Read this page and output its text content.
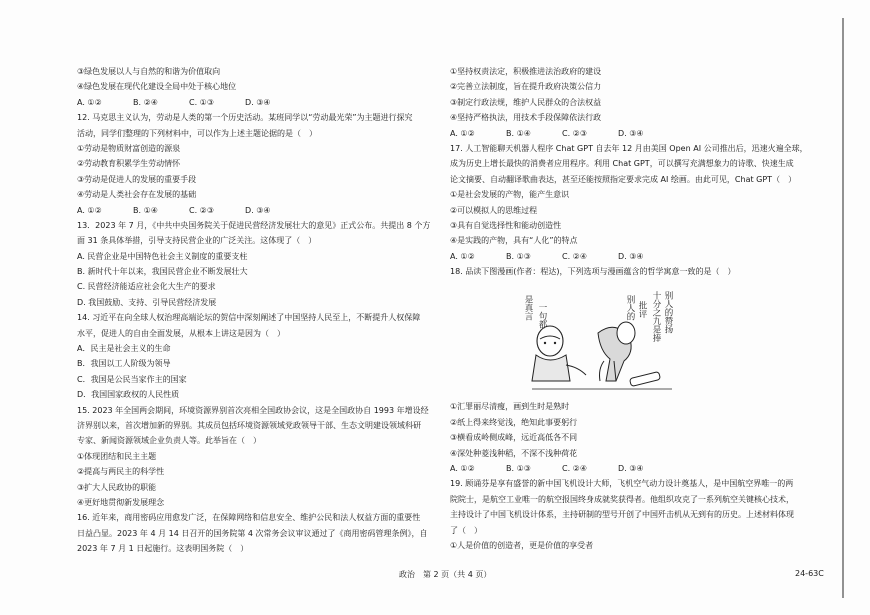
③绿色发展以人与自然的和谐为价值取向
④绿色发展在现代化建设全局中处于核心地位
A. ①②	B. ②④	C. ①③	D. ③④
12. 马克思主义认为，劳动是人类的第一个历史活动。某班同学以“劳动最光荣”为主题进行探究
活动，同学们整理的下列材料中，可以作为上述主题论据的是（　）
①劳动是物质财富创造的源泉
②劳动教育积累学生劳动情怀
③劳动是促进人的发展的重要手段
④劳动是人类社会存在发展的基础
A. ①②	B. ①④	C. ②③	D. ③④
13．2023 年 7 月，《中共中央国务院关于促进民营经济发展壮大的意见》正式公布。共提出 8 个方
面 31 条具体举措，引导支持民营企业的广泛关注。这体现了（　）
A. 民营企业是中国特色社会主义制度的重要支柱
B. 新时代十年以来，我国民营企业不断发展壮大
C. 民营经济能适应社会化大生产的要求
D. 我国鼓励、支持、引导民营经济发展
14. 习近平在向全球人权治理高端论坛的贺信中深刻阐述了中国坚持人民至上，不断提升人权保障
水平，促进人的自由全面发展，从根本上讲这是因为（　）
A．民主是社会主义的生命
B．我国以工人阶级为领导
C．我国是公民当家作主的国家
D．我国国家政权的人民性质
15. 2023 年全国两会期间，环境资源界别首次亮相全国政协会议，这是全国政协自 1993 年增设经
济界别以来，首次增加新的界别。其成员包括环境资源领域党政领导干部、生态文明建设领域科研
专家、新闻资源领域企业负责人等。此举旨在（　）
①体现团结和民主主题
②提高与两民主的科学性
③扩大人民政协的职能
④更好地贯彻新发展理念
16. 近年来，商用密码应用愈发广泛，在保障网络和信息安全、维护公民和法人权益方面的重要性
日益凸显。2023 年 4 月 14 日召开的国务院第 4 次常务会议审议通过了《商用密码管理条例》，自
2023 年 7 月 1 日起施行。这表明国务院（　）
①坚持权责法定，积极推进法治政府的建设
②完善立法制度，旨在提升政府决策公信力
③制定行政法规，维护人民群众的合法权益
④坚持严格执法，用技术手段保障依法行政
A. ①②	B. ①④	C. ②③	D. ③④
17. 人工智能聊天机器人程序 Chat GPT 自去年 12 月由美国 Open AI 公司推出后，迅速火遍全球，
成为历史上增长最快的消费者应用程序。利用 Chat GPT，可以撰写充满想象力的诗歌、快速生成
论文摘要、自动翻译歌曲表达，甚至还能按照指定要求完成 AI 绘画。由此可见，Chat GPT（　）
①是社会发展的产物，能产生意识
②可以模拟人的思维过程
③具有自觉选择性和能动创造性
④是实践的产物，具有“人化”的特点
A. ①②	B. ①③	C. ②④	D. ③④
18. 品读下图漫画(作者：程达)，下列选项与漫画蕴含的哲学寓意一致的是（　）
别人的赞扬
十分之九是捧
批评
别人的
是真言 一句都
①汇罪丽尽清瘦，画到生时是熟时
②纸上得来终觉浅，绝知此事要躬行
③横看成岭侧成峰，远近高低各不同
④深处种菱浅种稻，不深不浅种荷花
A. ①②	B. ①③	C. ②④	D. ③④
19. 顾诵芬是享有盛誉的新中国飞机设计大师，飞机空气动力设计奠基人，是中国航空界唯一的两
院院士，是航空工业唯一的航空报国终身成就奖获得者。他组织攻克了一系列航空关键核心技术，
主持设计了中国飞机设计体系，主持研制的型号开创了中国歼击机从无到有的历史。上述材料体现
了（　）
①人是价值的创造者，更是价值的享受者
政治　第 2 页（共 4 页）	24-63C
